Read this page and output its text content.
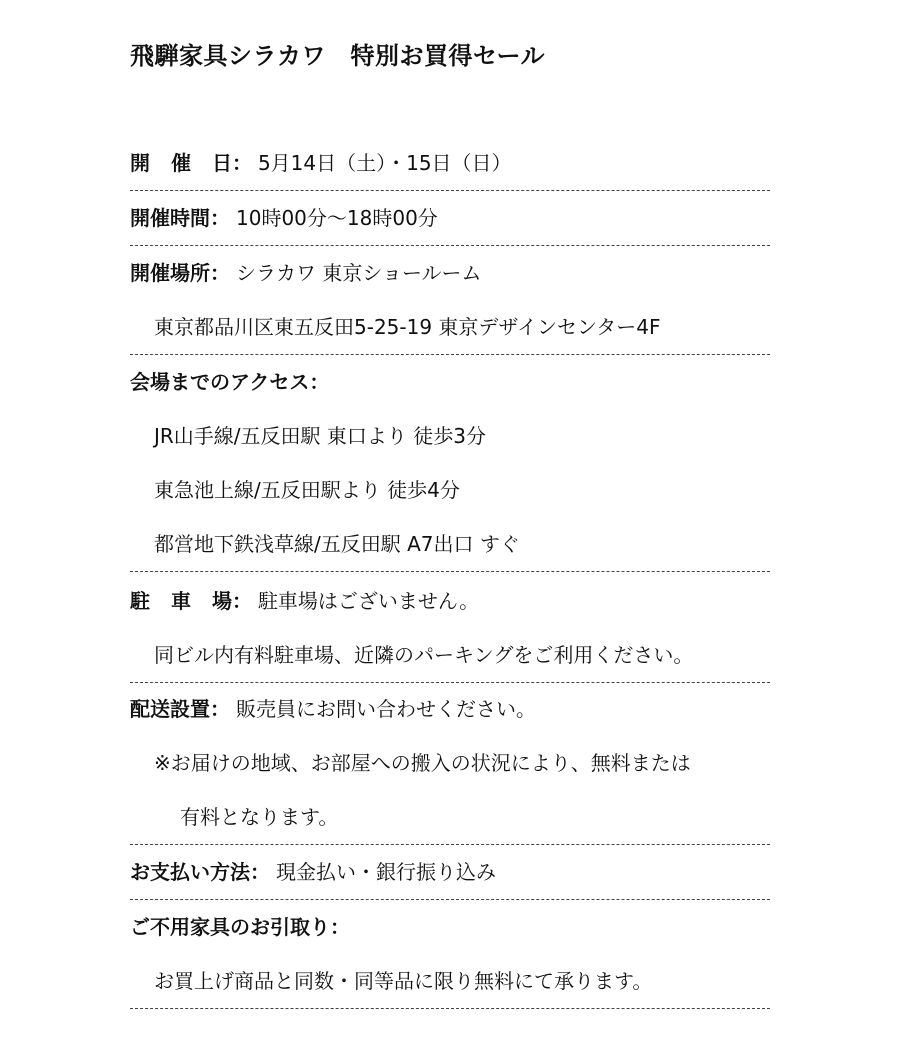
飛騨家具シラカワ　特別お買得セール
開 催 日： 5月14日（土）・15日（日）
開催時間： 10時00分～18時00分
開催場所： シラカワ 東京ショールーム
東京都品川区東五反田5-25-19 東京デザインセンター4F
会場までのアクセス：
JR山手線/五反田駅 東口より 徒歩3分
東急池上線/五反田駅より 徒歩4分
都営地下鉄浅草線/五反田駅 A7出口 すぐ
駐 車 場： 駐車場はございません。
同ビル内有料駐車場、近隣のパーキングをご利用ください。
配送設置： 販売員にお問い合わせください。
※お届けの地域、お部屋への搬入の状況により、無料または
有料となります。
お支払い方法： 現金払い・銀行振り込み
ご不用家具のお引取り：
お買上げ商品と同数・同等品に限り無料にて承ります。
